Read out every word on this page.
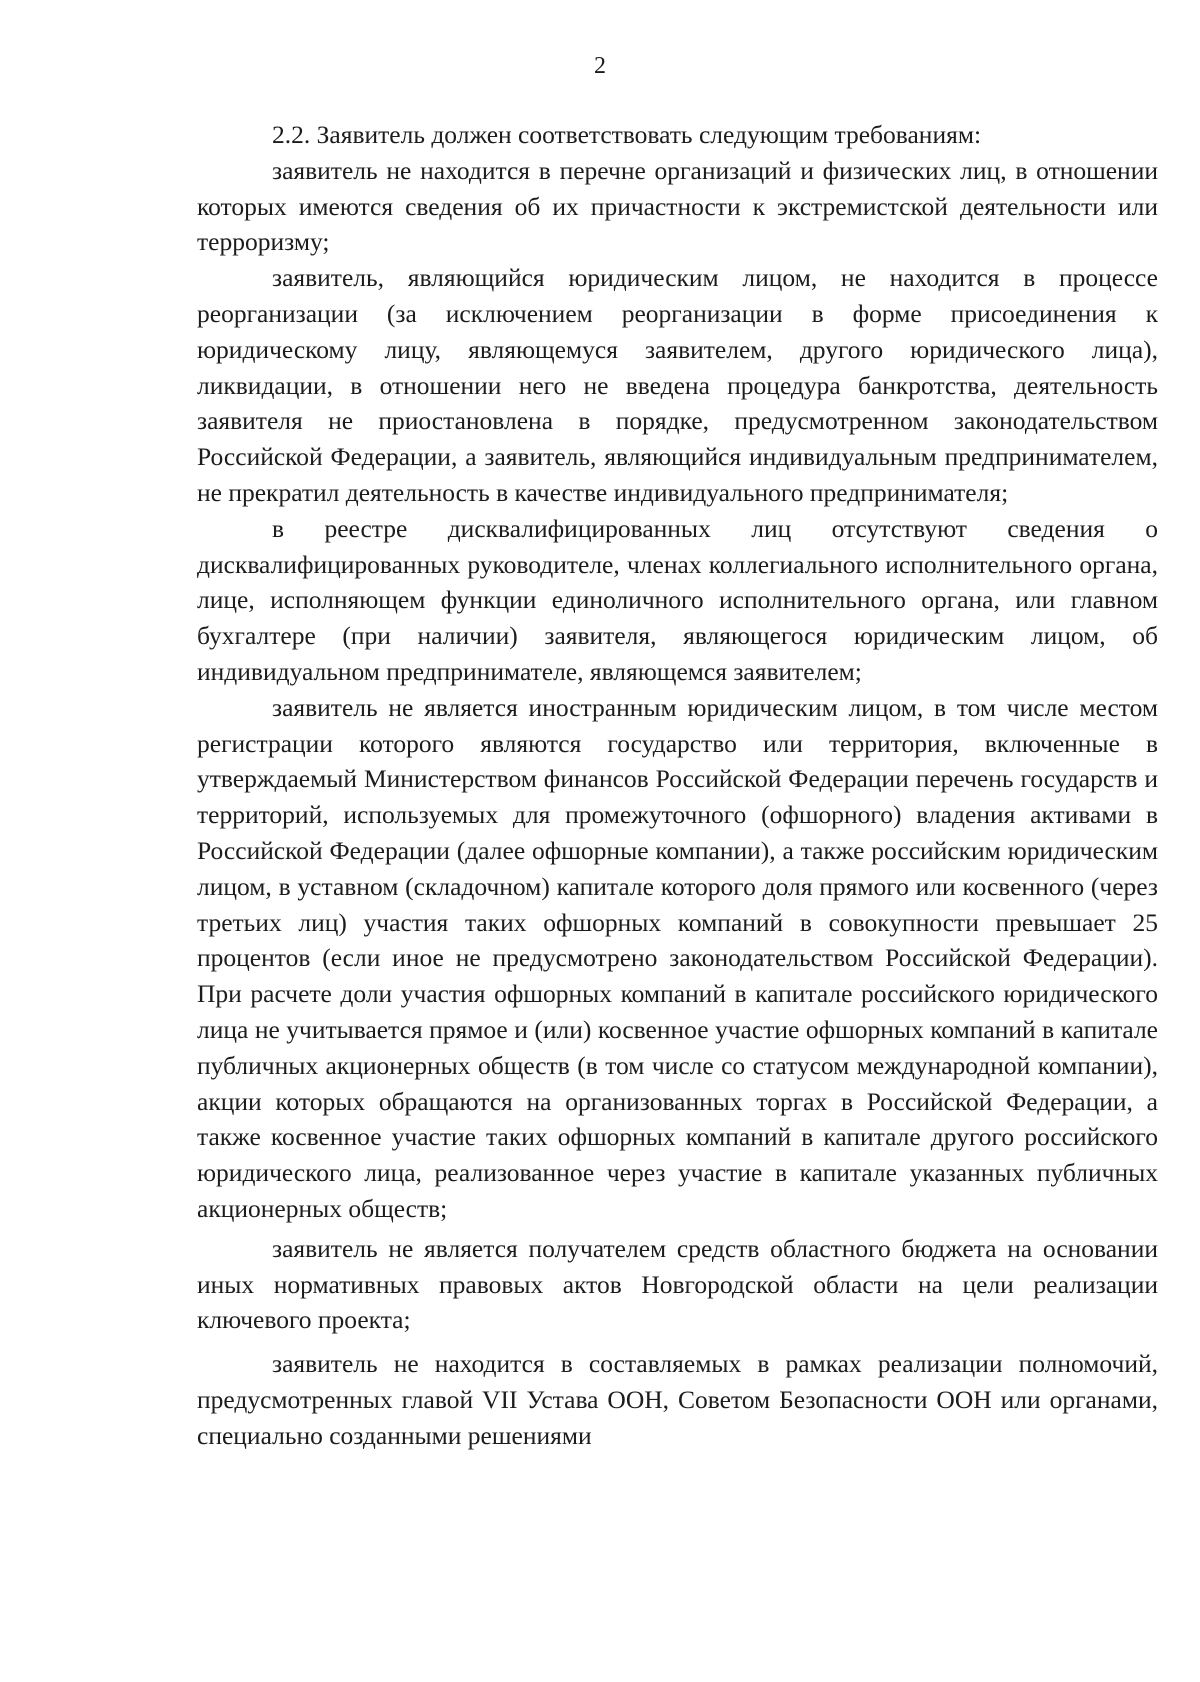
2

2.2. Заявитель должен соответствовать следующим требованиям:

заявитель не находится в перечне организаций и физических лиц, в отношении которых имеются сведения об их причастности к экстремистской деятельности или терроризму;

заявитель, являющийся юридическим лицом, не находится в процессе реорганизации (за исключением реорганизации в форме присоединения к юридическому лицу, являющемуся заявителем, другого юридического лица), ликвидации, в отношении него не введена процедура банкротства, деятельность заявителя не приостановлена в порядке, предусмотренном законодательством Российской Федерации, а заявитель, являющийся индивидуальным предпринимателем, не прекратил деятельность в качестве индивидуального предпринимателя;

в реестре дисквалифицированных лиц отсутствуют сведения о дисквалифицированных руководителе, членах коллегиального исполнительного органа, лице, исполняющем функции единоличного исполнительного органа, или главном бухгалтере (при наличии) заявителя, являющегося юридическим лицом, об индивидуальном предпринимателе, являющемся заявителем;

заявитель не является иностранным юридическим лицом, в том числе местом регистрации которого являются государство или территория, включенные в утверждаемый Министерством финансов Российской Федерации перечень государств и территорий, используемых для промежуточного (офшорного) владения активами в Российской Федерации (далее офшорные компании), а также российским юридическим лицом, в уставном (складочном) капитале которого доля прямого или косвенного (через третьих лиц) участия таких офшорных компаний в совокупности превышает 25 процентов (если иное не предусмотрено законодательством Российской Федерации). При расчете доли участия офшорных компаний в капитале российского юридического лица не учитывается прямое и (или) косвенное участие офшорных компаний в капитале публичных акционерных обществ (в том числе со статусом международной компании), акции которых обращаются на организованных торгах в Российской Федерации, а также косвенное участие таких офшорных компаний в капитале другого российского юридического лица, реализованное через участие в капитале указанных публичных акционерных обществ;

заявитель не является получателем средств областного бюджета на основании иных нормативных правовых актов Новгородской области на цели реализации ключевого проекта;

заявитель не находится в составляемых в рамках реализации полномочий, предусмотренных главой VII Устава ООН, Советом Безопасности ООН или органами, специально созданными решениями
